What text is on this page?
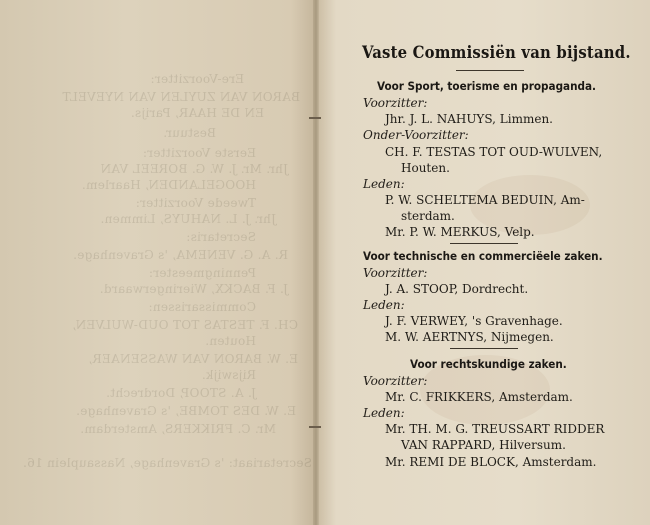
Ere-Voorzitter:
BARON VAN ZUYLEN VAN NYEVELT
EN DE HAAR, Parijs.
Bestuur.
Eerste Voorzitter:
Jhr. Mr. J. W. G. BOREEL VAN
HOOGELANDEN, Haarlem.
Tweede Voorzitter:
Jhr. J. L. NAHUYS, Limmen.
Secretaris:
R. A. G. VENEMA, 's Gravenhage.
Penningmeester:
J. F. BACKX, Wieringerwaard.
Commissarissen:
CH. F. TESTAS TOT OUD-WULVEN,
Houten.
E. W. BARON VAN WASSENAER,
Rijswijk.
J. A. STOOP, Dordrecht.
E. W. DES TOMBE, 's Gravenhage.
Mr. C. FRIKKERS, Amsterdam.
Secretariaat: 's Gravenhage, Nassauplein 16.
Vaste Commissiën van bijstand.
Voor Sport, toerisme en propaganda.
Voorzitter:
Jhr. J. L. NAHUYS, Limmen.
Onder-Voorzitter:
CH. F. TESTAS TOT OUD-WULVEN,
Houten.
Leden:
P. W. SCHELTEMA BEDUIN, Am-
sterdam.
Mr. P. W. MERKUS, Velp.
Voor technische en commerciëele zaken.
Voorzitter:
J. A. STOOP, Dordrecht.
Leden:
J. F. VERWEY, 's Gravenhage.
M. W. AERTNYS, Nijmegen.
Voor rechtskundige zaken.
Voorzitter:
Mr. C. FRIKKERS, Amsterdam.
Leden:
Mr. TH. M. G. TREUSSART RIDDER
VAN RAPPARD, Hilversum.
Mr. REMI DE BLOCK, Amsterdam.
